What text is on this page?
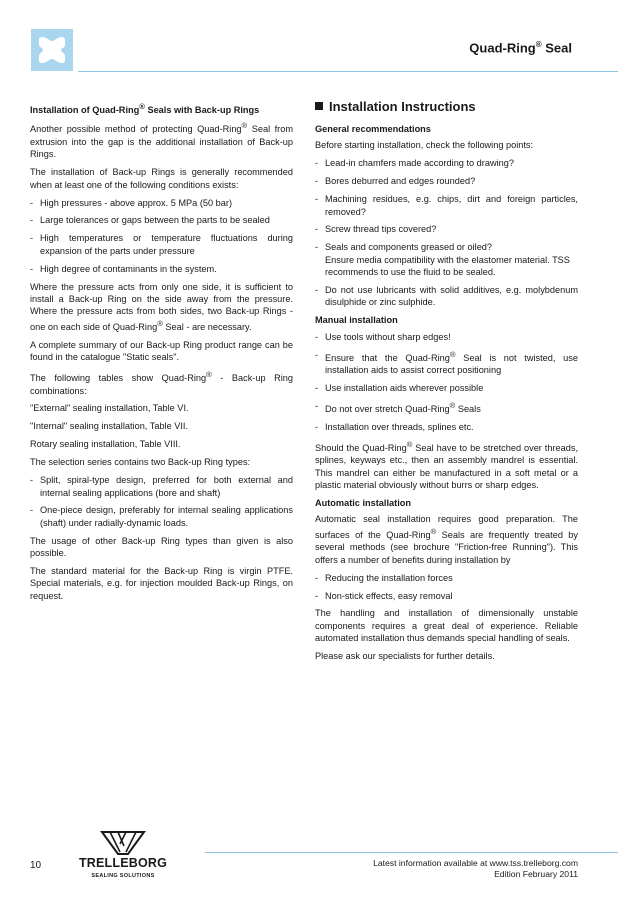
Quad-Ring® Seal

Installation of Quad-Ring® Seals with Back-up Rings

Another possible method of protecting Quad-Ring® Seal from extrusion into the gap is the additional installation of Back-up Rings.

The installation of Back-up Rings is generally recommended when at least one of the following conditions exists:

- High pressures - above approx. 5 MPa (50 bar)
- Large tolerances or gaps between the parts to be sealed
- High temperatures or temperature fluctuations during expansion of the parts under pressure
- High degree of contaminants in the system.

Where the pressure acts from only one side, it is sufficient to install a Back-up Ring on the side away from the pressure. Where the pressure acts from both sides, two Back-up Rings - one on each side of Quad-Ring® Seal - are necessary.

A complete summary of our Back-up Ring product range can be found in the catalogue "Static seals".

The following tables show Quad-Ring® - Back-up Ring combinations:

"External" sealing installation, Table VI.

"Internal" sealing installation, Table VII.

Rotary sealing installation, Table VIII.

The selection series contains two Back-up Ring types:

- Split, spiral-type design, preferred for both external and internal sealing applications (bore and shaft)
- One-piece design, preferably for internal sealing applications (shaft) under radially-dynamic loads.

The usage of other Back-up Ring types than given is also possible.

The standard material for the Back-up Ring is virgin PTFE. Special materials, e.g. for injection moulded Back-up Rings, on request.

Installation Instructions

General recommendations

Before starting installation, check the following points:

- Lead-in chamfers made according to drawing?
- Bores deburred and edges rounded?
- Machining residues, e.g. chips, dirt and foreign particles, removed?
- Screw thread tips covered?
- Seals and components greased or oiled?
Ensure media compatibility with the elastomer material. TSS recommends to use the fluid to be sealed.
- Do not use lubricants with solid additives, e.g. molybdenum disulphide or zinc sulphide.

Manual installation

- Use tools without sharp edges!
- Ensure that the Quad-Ring® Seal is not twisted, use installation aids to assist correct positioning
- Use installation aids wherever possible
- Do not over stretch Quad-Ring® Seals
- Installation over threads, splines etc.

Should the Quad-Ring® Seal have to be stretched over threads, splines, keyways etc., then an assembly mandrel is essential. This mandrel can either be manufactured in a soft metal or a plastic material obviously without burrs or sharp edges.

Automatic installation

Automatic seal installation requires good preparation. The surfaces of the Quad-Ring® Seals are frequently treated by several methods (see brochure "Friction-free Running"). This offers a number of benefits during installation by

- Reducing the installation forces
- Non-stick effects, easy removal

The handling and installation of dimensionally unstable components requires a great deal of experience. Reliable automated installation thus demands special handling of seals.

Please ask our specialists for further details.

10	TRELLEBORG
SEALING SOLUTIONS
Latest information available at www.tss.trelleborg.com
Edition February 2011
